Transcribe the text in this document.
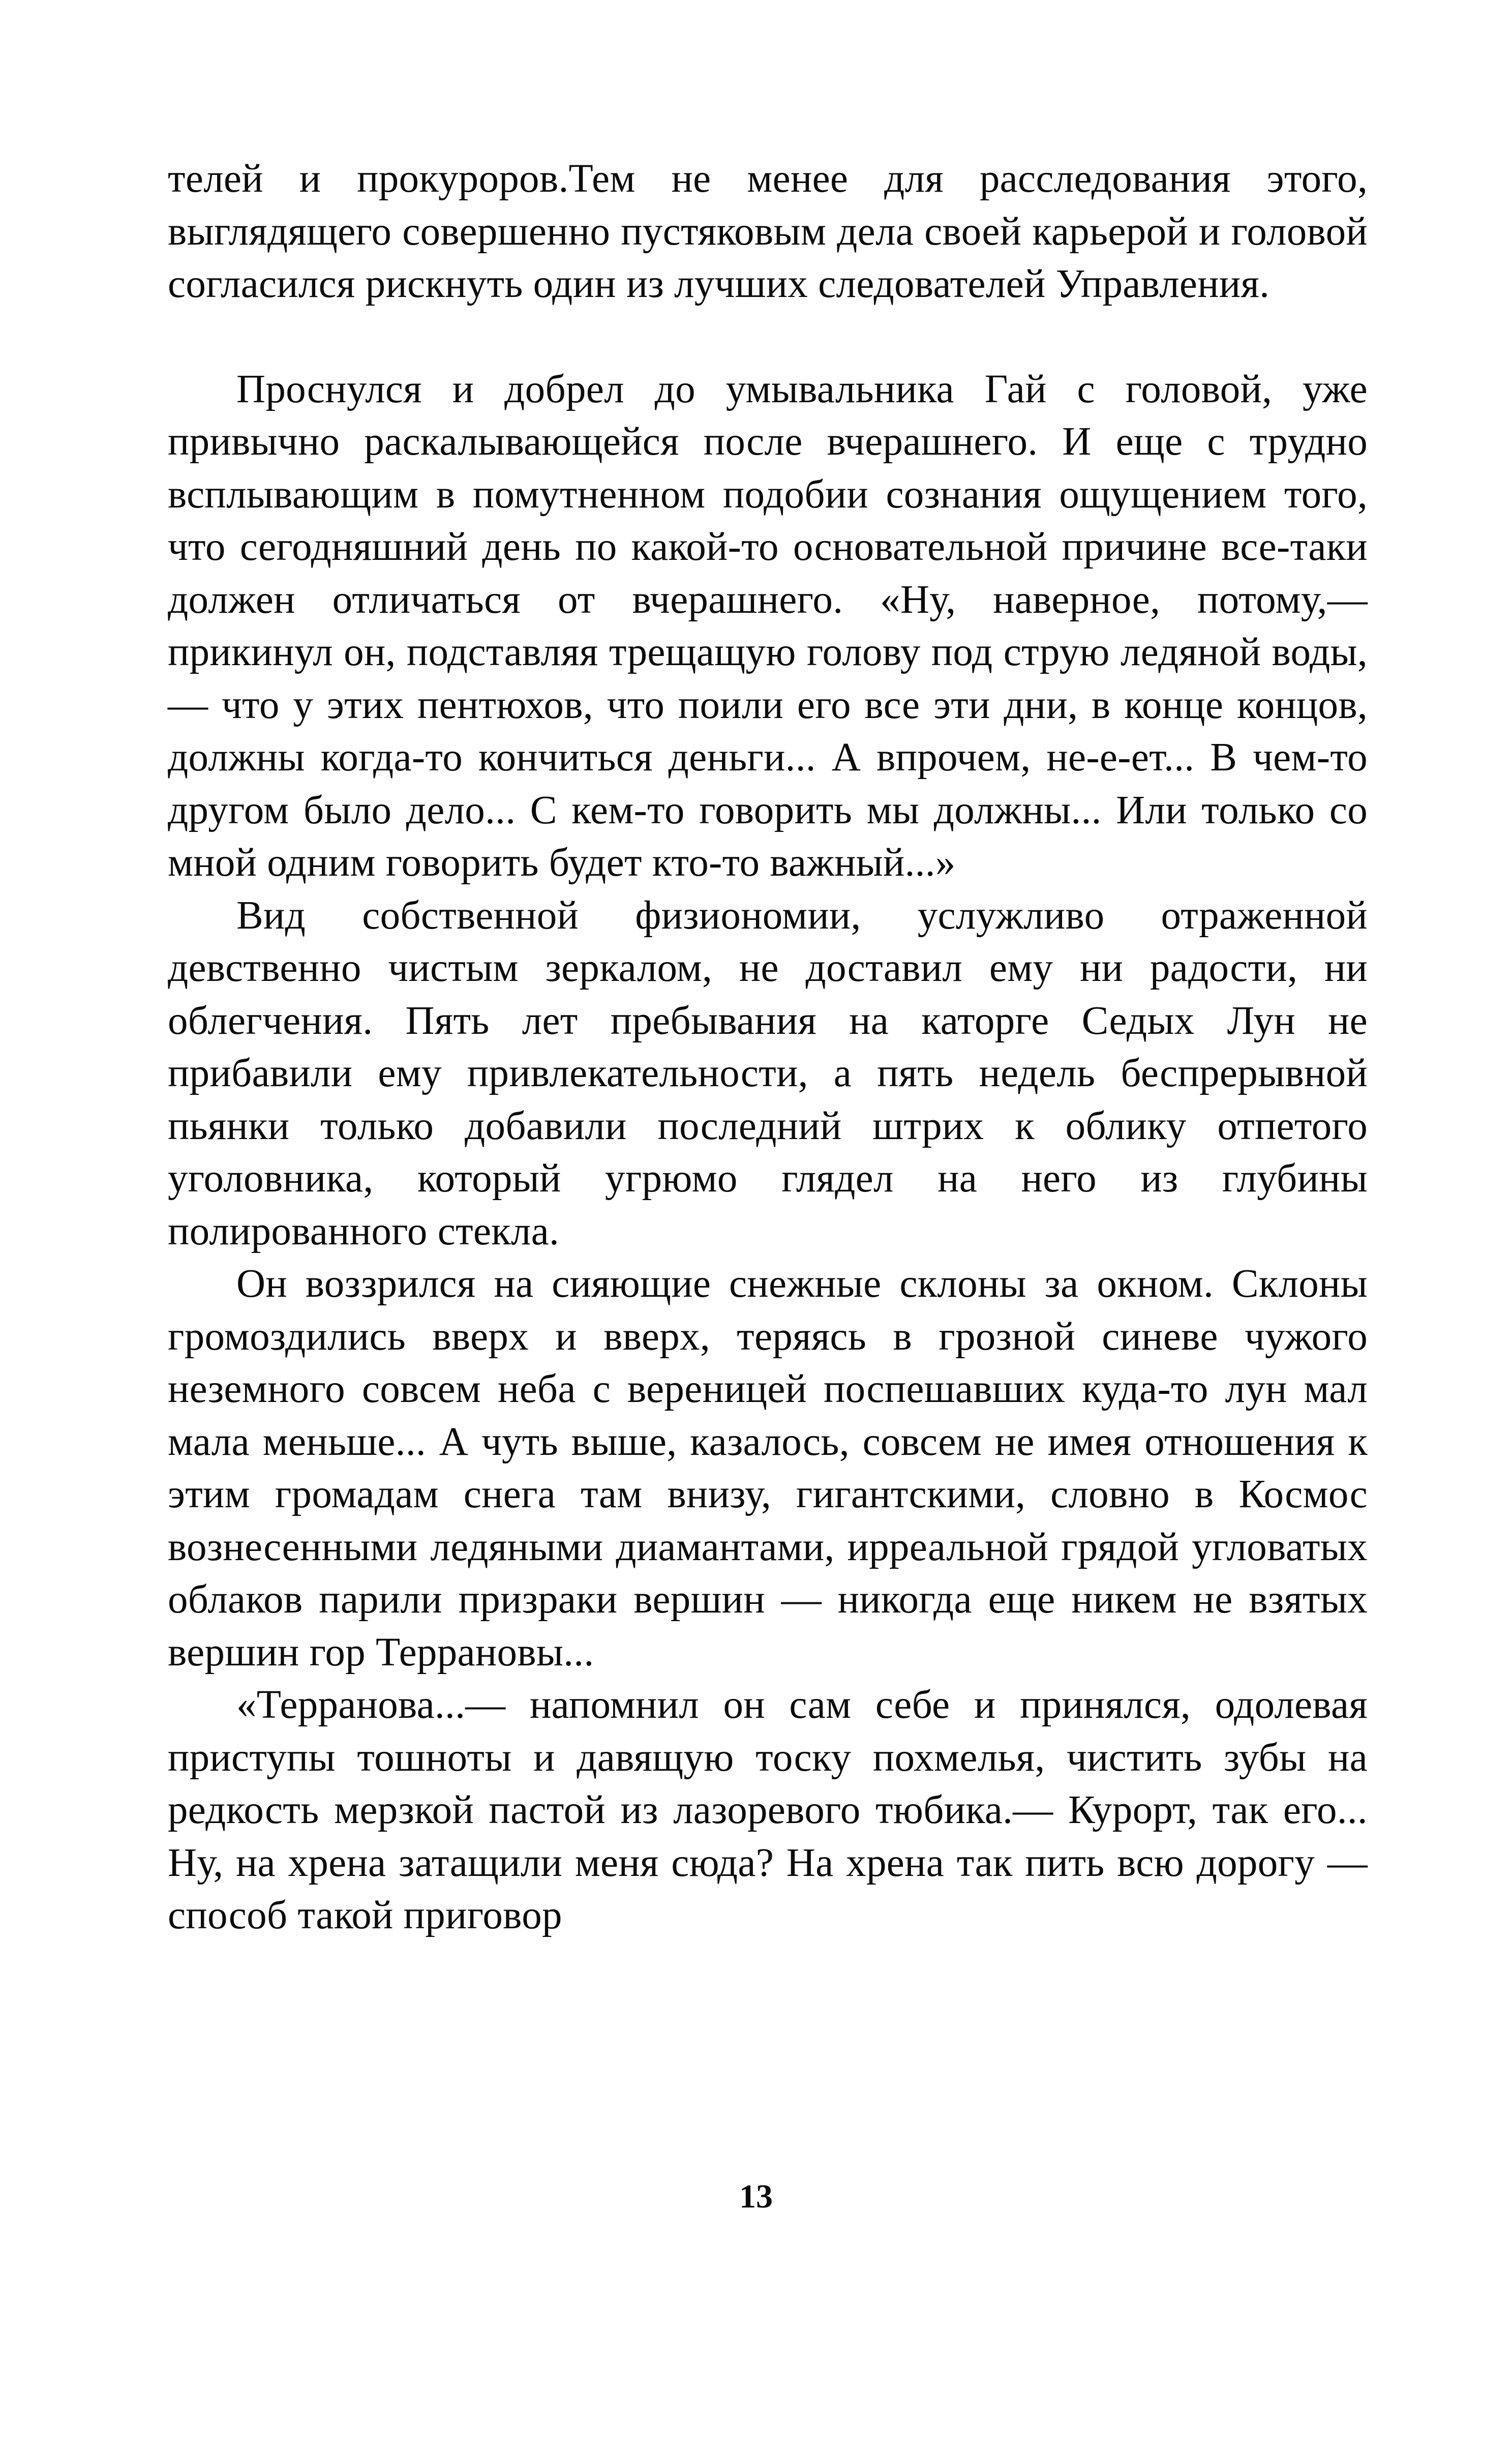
телей и прокуроров.Тем не менее для расследования этого, выглядящего совершенно пустяковым дела своей карьерой и головой согласился рискнуть один из лучших следователей Управления.

Проснулся и добрел до умывальника Гай с головой, уже привычно раскалывающейся после вчерашнего. И еще с трудно всплывающим в помутненном подобии сознания ощущением того, что сегодняшний день по какой-то основательной причине все-таки должен отличаться от вчерашнего. «Ну, наверное, потому,— прикинул он, подставляя трещащую голову под струю ледяной воды,— что у этих пентюхов, что поили его все эти дни, в конце концов, должны когда-то кончиться деньги... А впрочем, не-е-ет... В чем-то другом было дело... С кем-то говорить мы должны... Или только со мной одним говорить будет кто-то важный...»

Вид собственной физиономии, услужливо отраженной девственно чистым зеркалом, не доставил ему ни радости, ни облегчения. Пять лет пребывания на каторге Седых Лун не прибавили ему привлекательности, а пять недель беспрерывной пьянки только добавили последний штрих к облику отпетого уголовника, который угрюмо глядел на него из глубины полированного стекла.

Он воззрился на сияющие снежные склоны за окном. Склоны громоздились вверх и вверх, теряясь в грозной синеве чужого неземного совсем неба с вереницей поспешавших куда-то лун мал мала меньше... А чуть выше, казалось, совсем не имея отношения к этим громадам снега там внизу, гигантскими, словно в Космос вознесенными ледяными диамантами, ирреальной грядой угловатых облаков парили призраки вершин — никогда еще никем не взятых вершин гор Террановы...

«Терранова...— напомнил он сам себе и принялся, одолевая приступы тошноты и давящую тоску похмелья, чистить зубы на редкость мерзкой пастой из лазоревого тюбика.— Курорт, так его... Ну, на хрена затащили меня сюда? На хрена так пить всю дорогу — способ такой приговор

13
